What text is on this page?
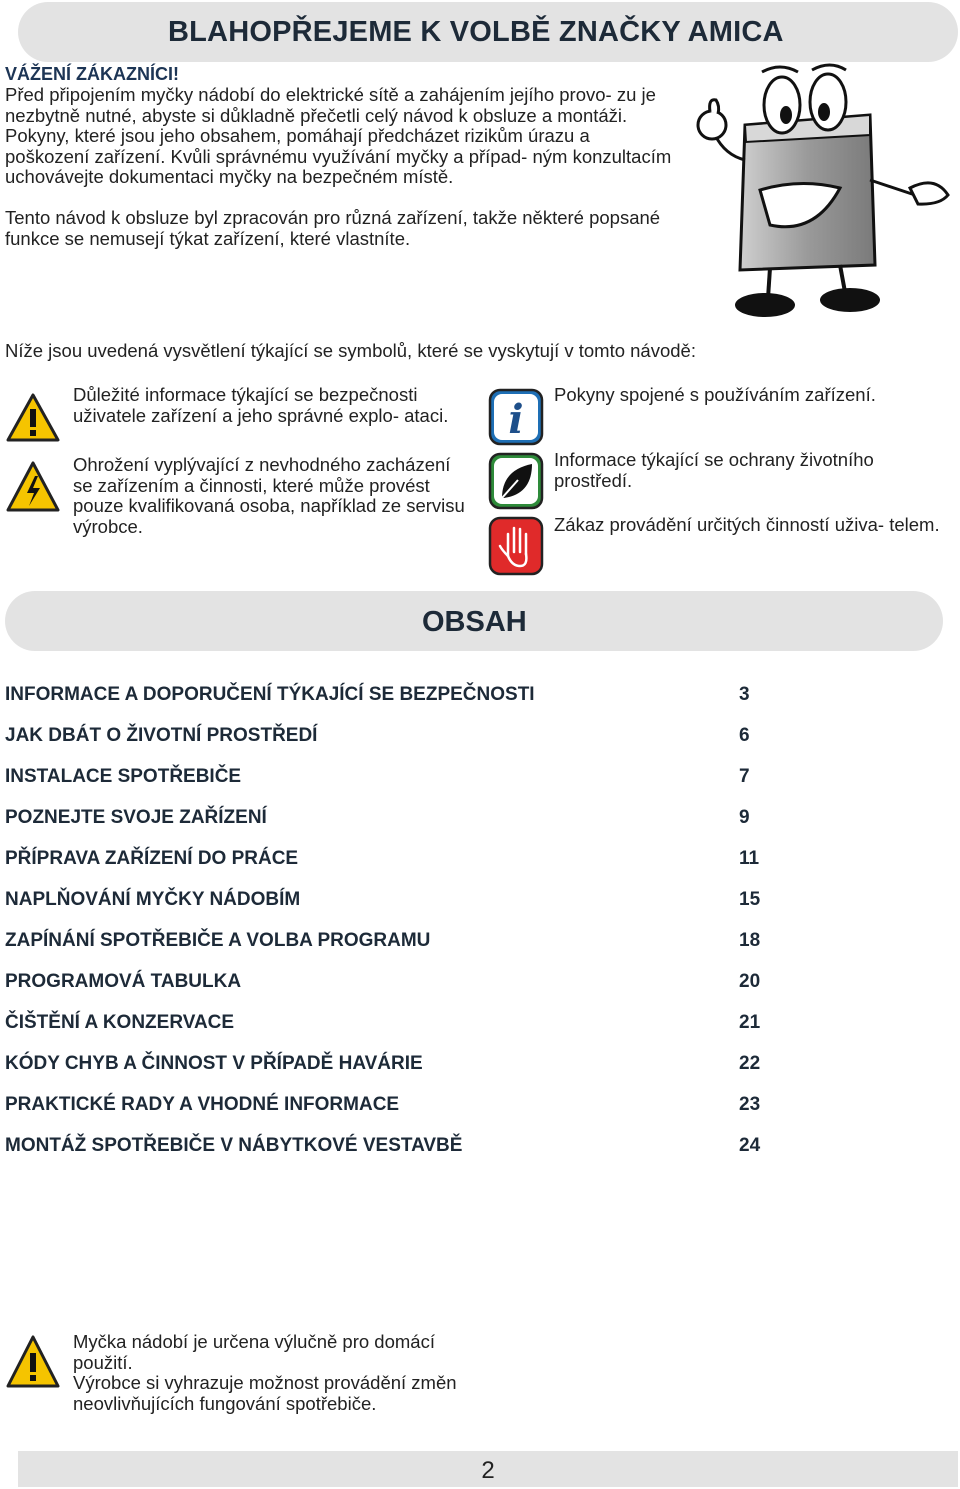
BLAHOPŘEJEME K VOLBĚ ZNAČKY AMICA
VÁŽENÍ ZÁKAZNÍCI!

Před připojením myčky nádobí do elektrické sítě a zahájením jejího provo- zu je nezbytně nutné, abyste si důkladně přečetli celý návod k obsluze a montáži. Pokyny, které jsou jeho obsahem, pomáhají předcházet rizikům úrazu a poškození zařízení. Kvůli správnému využívání myčky a případ- ným konzultacím uchovávejte dokumentaci myčky na bezpečném místě.

Tento návod k obsluze byl zpracován pro různá zařízení, takže některé popsané funkce se nemusejí týkat zařízení, které vlastníte.

Níže jsou uvedená vysvětlení týkající se symbolů, které se vyskytují v tomto návodě:
Důležité informace týkající se bezpečnosti uživatele zařízení a jeho správné explo- ataci.
Ohrožení vyplývající z nevhodného zacházení se zařízením a činnosti, které může provést pouze kvalifikovaná osoba, například ze servisu výrobce.
i
Pokyny spojené s používáním zařízení.
Informace týkající se ochrany životního prostředí.
Zákaz provádění určitých činností uživa- telem.
OBSAH
INFORMACE A DOPORUČENÍ TÝKAJÍCÍ SE BEZPEČNOSTI	3
JAK DBÁT O ŽIVOTNÍ PROSTŘEDÍ	6
INSTALACE SPOTŘEBIČE	7
POZNEJTE SVOJE ZAŘÍZENÍ	9
PŘÍPRAVA ZAŘÍZENÍ DO PRÁCE	11
NAPLŇOVÁNÍ MYČKY NÁDOBÍM	15
ZAPÍNÁNÍ SPOTŘEBIČE A VOLBA PROGRAMU	18
PROGRAMOVÁ TABULKA	20
ČIŠTĚNÍ A KONZERVACE	21
KÓDY CHYB A ČINNOST V PŘÍPADĚ HAVÁRIE	22
PRAKTICKÉ RADY A VHODNÉ INFORMACE	23
MONTÁŽ SPOTŘEBIČE V NÁBYTKOVÉ VESTAVBĚ	24
Myčka nádobí je určena výlučně pro domácí použití.
Výrobce si vyhrazuje možnost provádění změn neovlivňujících fungování spotřebiče.
2
